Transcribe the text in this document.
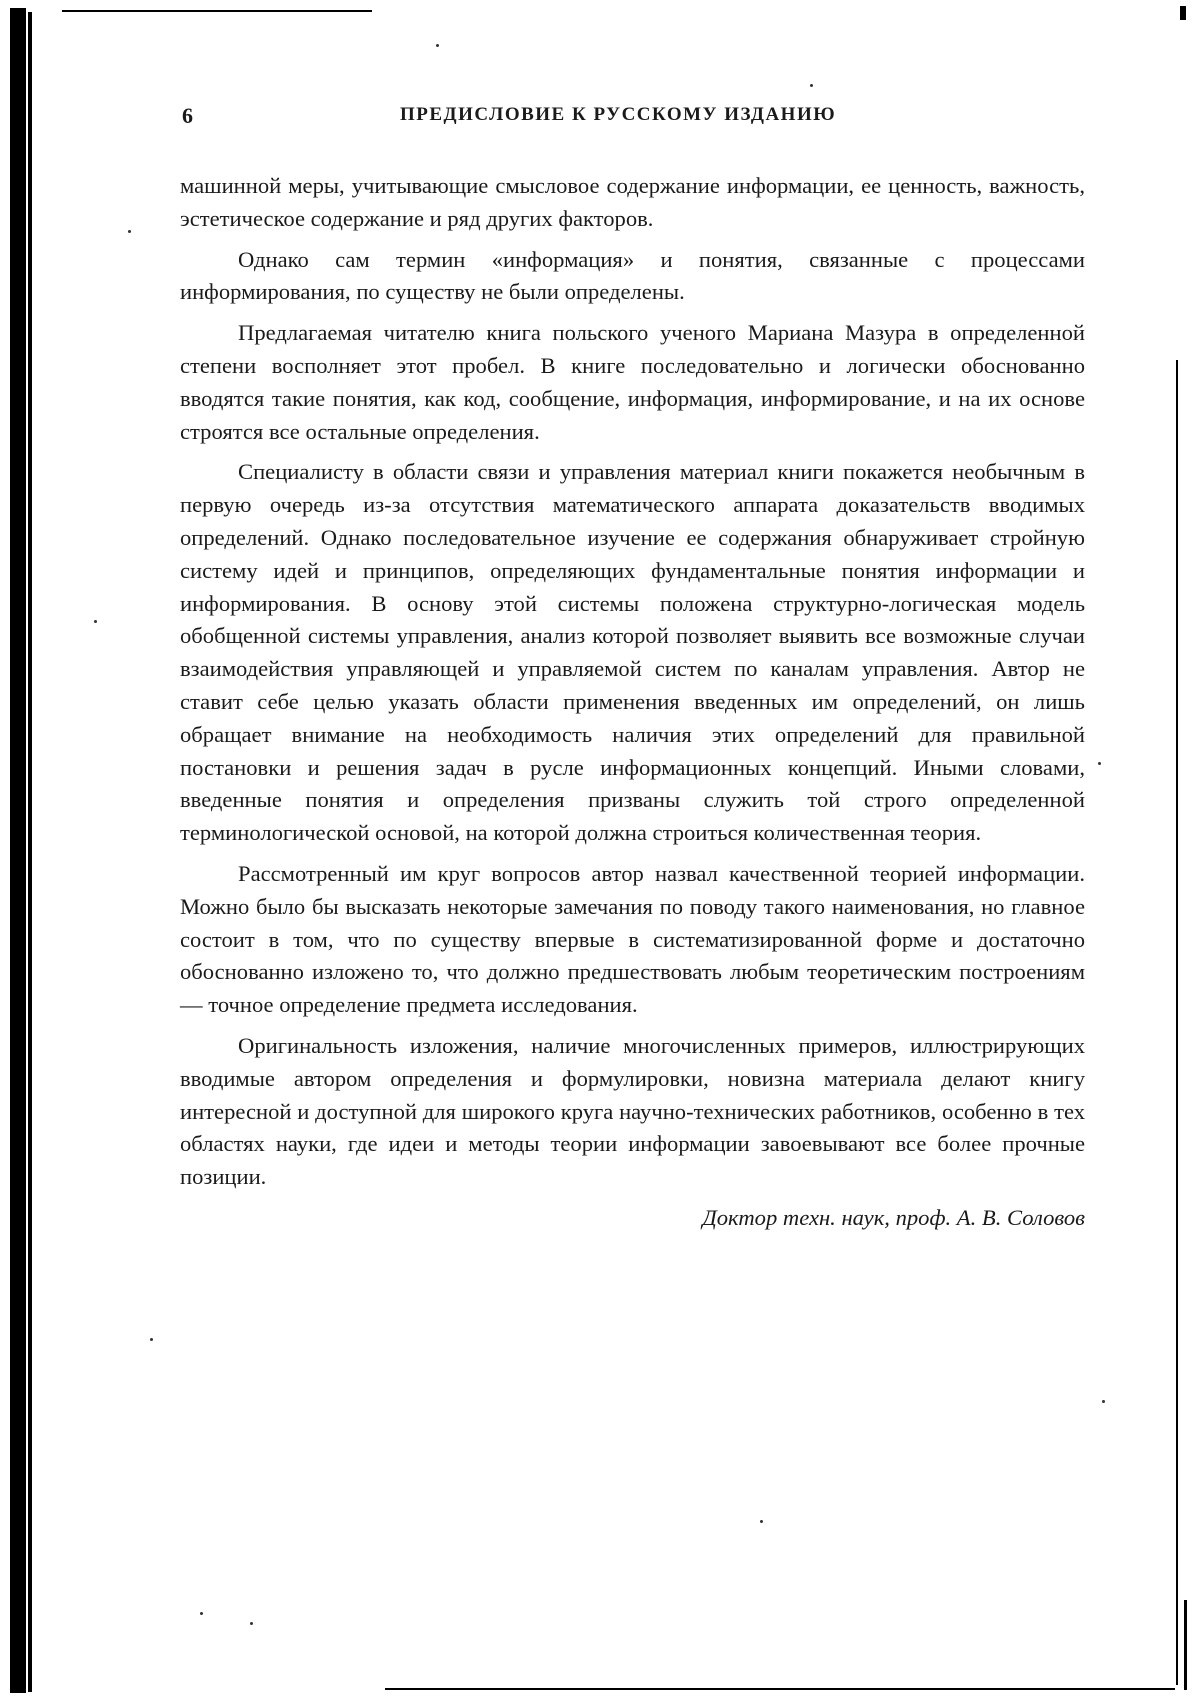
6	ПРЕДИСЛОВИЕ К РУССКОМУ ИЗДАНИЮ

машинной меры, учитывающие смысловое содержание информации, ее ценность, важность, эстетическое содержание и ряд других факторов.

Однако сам термин «информация» и понятия, связанные с процессами информирования, по существу не были определены.

Предлагаемая читателю книга польского ученого Мариана Мазура в определенной степени восполняет этот пробел. В книге последовательно и логически обоснованно вводятся такие понятия, как код, сообщение, информация, информирование, и на их основе строятся все остальные определения.

Специалисту в области связи и управления материал книги покажется необычным в первую очередь из-за отсутствия математического аппарата доказательств вводимых определений. Однако последовательное изучение ее содержания обнаруживает стройную систему идей и принципов, определяющих фундаментальные понятия информации и информирования. В основу этой системы положена структурно-логическая модель обобщенной системы управления, анализ которой позволяет выявить все возможные случаи взаимодействия управляющей и управляемой систем по каналам управления. Автор не ставит себе целью указать области применения введенных им определений, он лишь обращает внимание на необходимость наличия этих определений для правильной постановки и решения задач в русле информационных концепций. Иными словами, введенные понятия и определения призваны служить той строго определенной терминологической основой, на которой должна строиться количественная теория.

Рассмотренный им круг вопросов автор назвал качественной теорией информации. Можно было бы высказать некоторые замечания по поводу такого наименования, но главное состоит в том, что по существу впервые в систематизированной форме и достаточно обоснованно изложено то, что должно предшествовать любым теоретическим построениям — точное определение предмета исследования.

Оригинальность изложения, наличие многочисленных примеров, иллюстрирующих вводимые автором определения и формулировки, новизна материала делают книгу интересной и доступной для широкого круга научно-технических работников, особенно в тех областях науки, где идеи и методы теории информации завоевывают все более прочные позиции.

Доктор техн. наук, проф. А. В. Соловов
